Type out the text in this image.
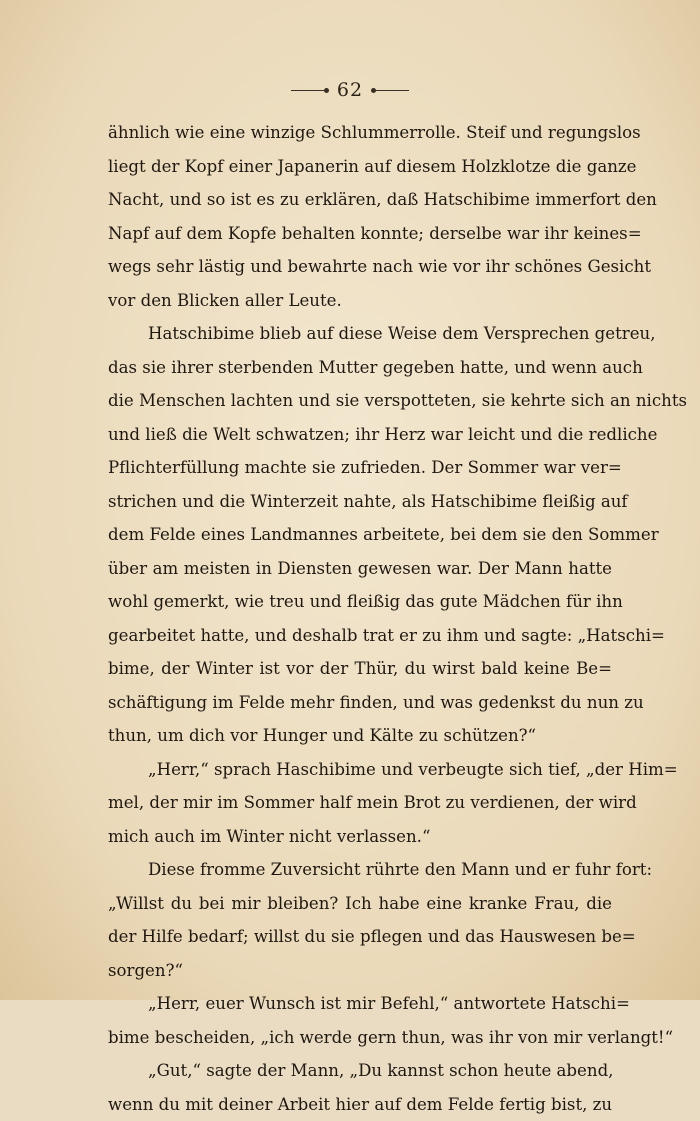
62
ähnlich wie eine winzige Schlummerrolle. Steif und regungslos
liegt der Kopf einer Japanerin auf diesem Holzklotze die ganze
Nacht, und so ist es zu erklären, daß Hatschibime immerfort den
Napf auf dem Kopfe behalten konnte; derselbe war ihr keines=
wegs sehr lästig und bewahrte nach wie vor ihr schönes Gesicht
vor den Blicken aller Leute.
Hatschibime blieb auf diese Weise dem Versprechen getreu,
das sie ihrer sterbenden Mutter gegeben hatte, und wenn auch
die Menschen lachten und sie verspotteten, sie kehrte sich an nichts
und ließ die Welt schwatzen; ihr Herz war leicht und die redliche
Pflichterfüllung machte sie zufrieden. Der Sommer war ver=
strichen und die Winterzeit nahte, als Hatschibime fleißig auf
dem Felde eines Landmannes arbeitete, bei dem sie den Sommer
über am meisten in Diensten gewesen war. Der Mann hatte
wohl gemerkt, wie treu und fleißig das gute Mädchen für ihn
gearbeitet hatte, und deshalb trat er zu ihm und sagte: „Hatschi=
bime, der Winter ist vor der Thür, du wirst bald keine Be=
schäftigung im Felde mehr finden, und was gedenkst du nun zu
thun, um dich vor Hunger und Kälte zu schützen?“
„Herr,“ sprach Haschibime und verbeugte sich tief, „der Him=
mel, der mir im Sommer half mein Brot zu verdienen, der wird
mich auch im Winter nicht verlassen.“
Diese fromme Zuversicht rührte den Mann und er fuhr fort:
„Willst du bei mir bleiben? Ich habe eine kranke Frau, die
der Hilfe bedarf; willst du sie pflegen und das Hauswesen be=
sorgen?“
„Herr, euer Wunsch ist mir Befehl,“ antwortete Hatschi=
bime bescheiden, „ich werde gern thun, was ihr von mir verlangt!“
„Gut,“ sagte der Mann, „Du kannst schon heute abend,
wenn du mit deiner Arbeit hier auf dem Felde fertig bist, zu
